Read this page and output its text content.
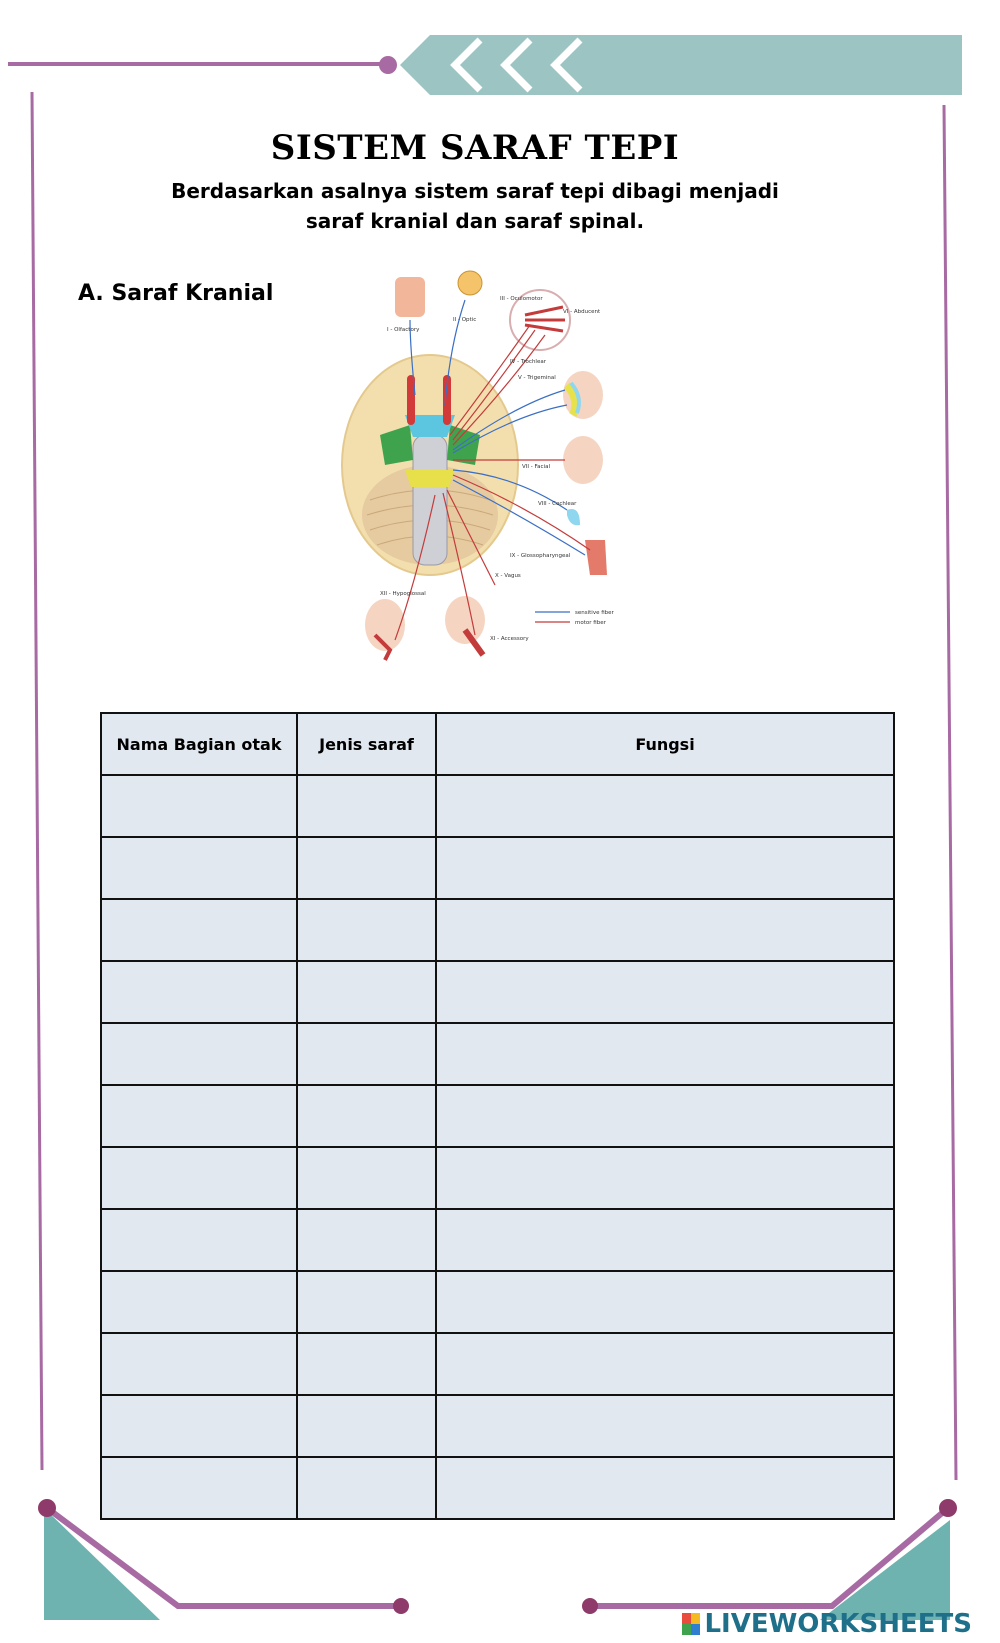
SISTEM SARAF TEPI
Berdasarkan asalnya sistem saraf tepi dibagi menjadi saraf kranial dan saraf spinal.
A. Saraf Kranial
I - Olfactory
II - Optic
III - Oculomotor
VI - Abducent
IV - Trochlear
V - Trigeminal
VII - Facial
VIII - Cochlear
IX - Glossopharyngeal
X - Vagus
XII - Hypoglossal
XI - Accessory
sensitive fiber
motor fiber
Nama Bagian otak	Jenis saraf	Fungsi

LIVEWORKSHEETS
